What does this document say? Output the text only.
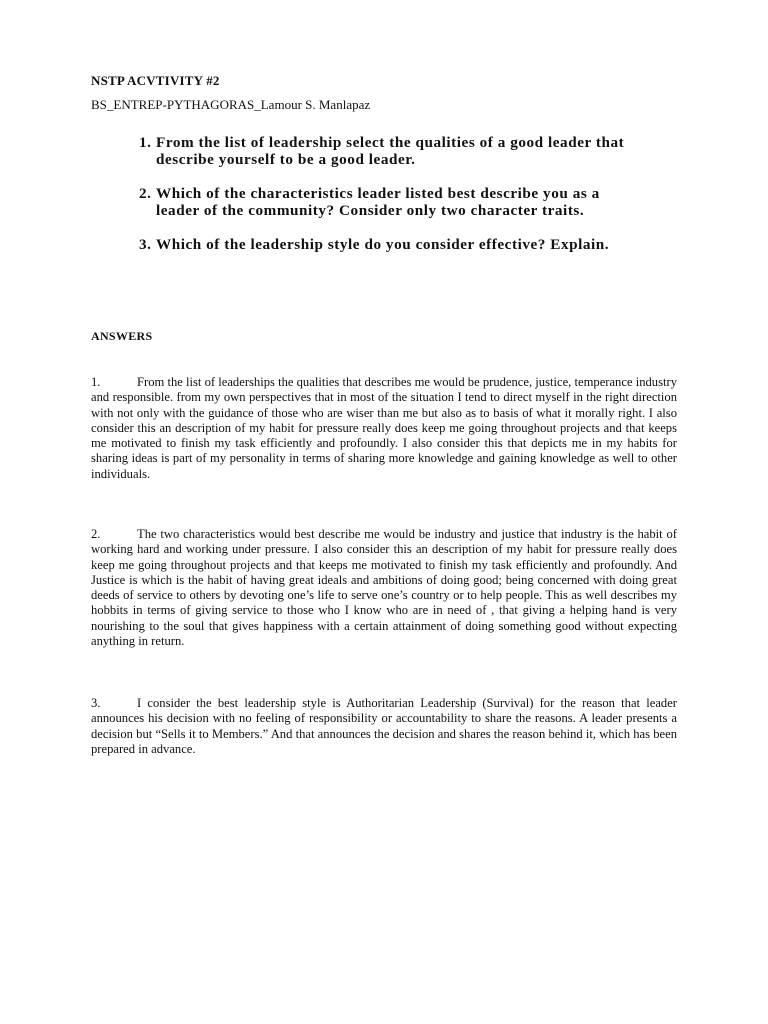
NSTP ACVTIVITY #2
BS_ENTREP-PYTHAGORAS_Lamour S. Manlapaz
1. From the list of leadership select the qualities of a good leader that describe yourself to be a good leader.
2. Which of the characteristics leader listed best describe you as a leader of the community? Consider only two character traits.
3. Which of the leadership style do you consider effective? Explain.
ANSWERS

1.	From the list of leaderships the qualities that describes me would be prudence, justice, temperance industry and responsible. from my own perspectives that in most of the situation I tend to direct myself in the right direction with not only with the guidance of those who are wiser than me but also as to basis of what it morally right. I also consider this an description of my habit for pressure really does keep me going throughout projects and that keeps me motivated to finish my task efficiently and profoundly. I also consider this that depicts me in my habits for sharing ideas is part of my personality in terms of sharing more knowledge and gaining knowledge as well to other individuals.

2.	The two characteristics would best describe me would be industry and justice that industry is the habit of working hard and working under pressure. I also consider this an description of my habit for pressure really does keep me going throughout projects and that keeps me motivated to finish my task efficiently and profoundly. And Justice is which is the habit of having great ideals and ambitions of doing good; being concerned with doing great deeds of service to others by devoting one’s life to serve one’s country or to help people. This as well describes my hobbits in terms of giving service to those who I know who are in need of , that giving a helping hand is very nourishing to the soul that gives happiness with a certain attainment of doing something good without expecting anything in return.

3.	I consider the best leadership style is Authoritarian Leadership (Survival) for the reason that leader announces his decision with no feeling of responsibility or accountability to share the reasons. A leader presents a decision but “Sells it to Members.” And that announces the decision and shares the reason behind it, which has been prepared in advance.
